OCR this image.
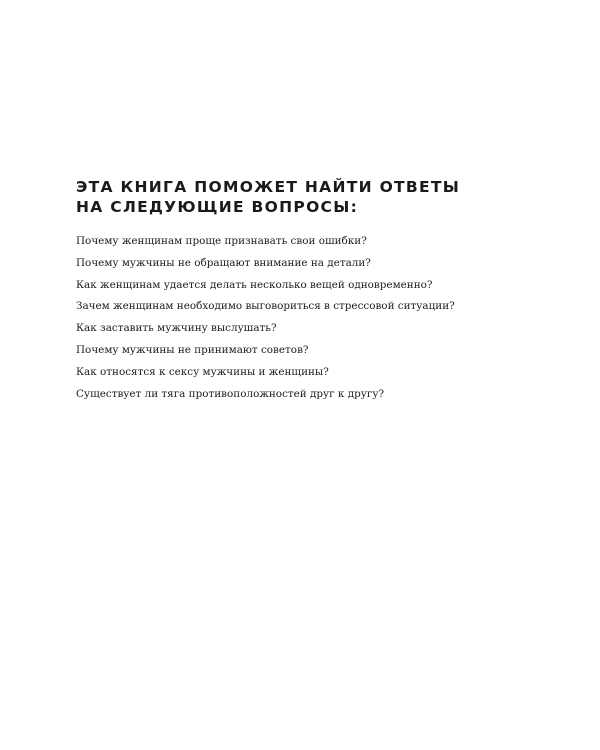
ЭТА КНИГА ПОМОЖЕТ НАЙТИ ОТВЕТЫ
НА СЛЕДУЮЩИЕ ВОПРОСЫ:
Почему женщинам проще признавать свои ошибки?
Почему мужчины не обращают внимание на детали?
Как женщинам удается делать несколько вещей одновременно?
Зачем женщинам необходимо выговориться в стрессовой ситуации?
Как заставить мужчину выслушать?
Почему мужчины не принимают советов?
Как относятся к сексу мужчины и женщины?
Существует ли тяга противоположностей друг к другу?
